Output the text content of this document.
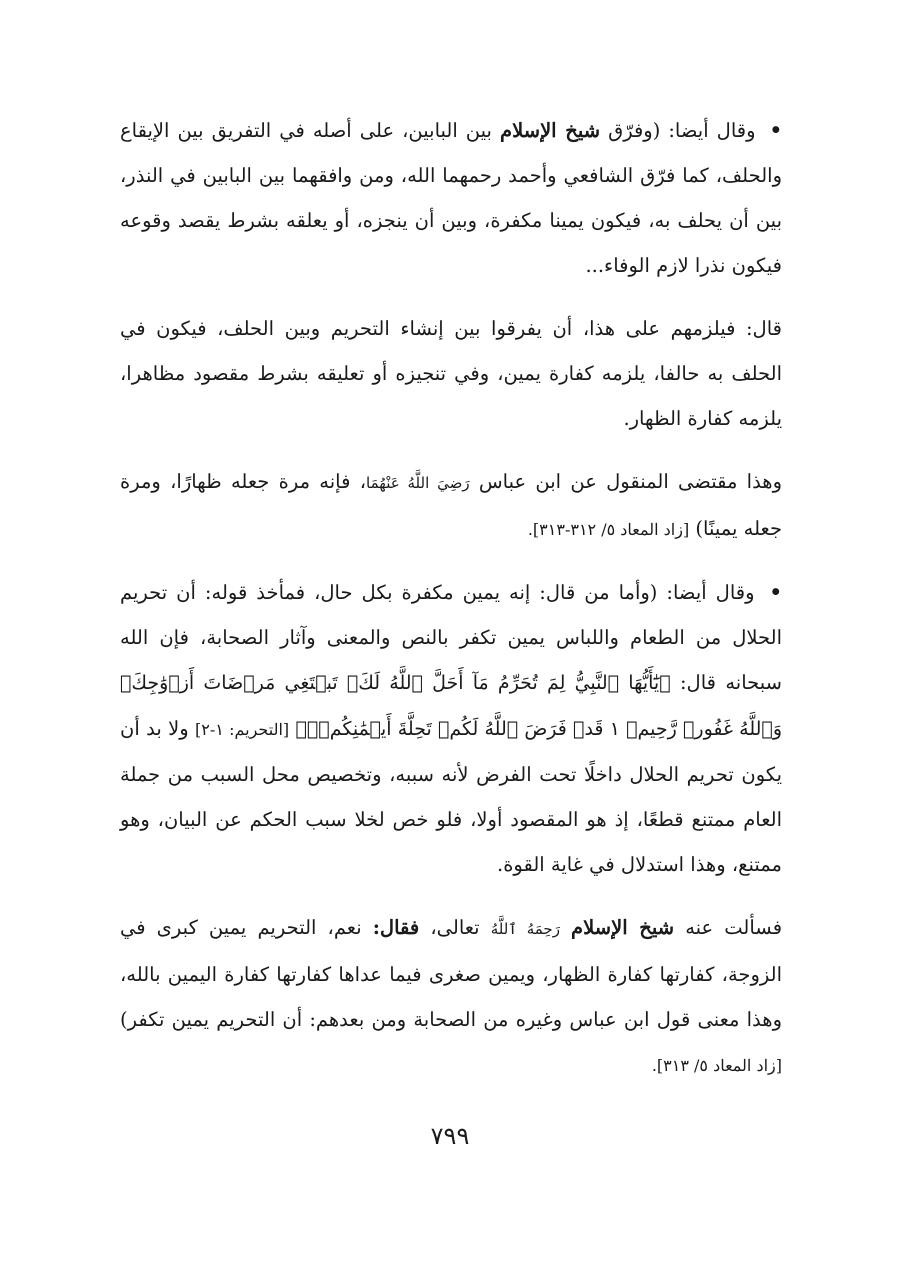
• وقال أيضا: (وفرّق شيخ الإسلام بين البابين، على أصله في التفريق بين الإيقاع والحلف، كما فرّق الشافعي وأحمد رحمهما الله، ومن وافقهما بين البابين في النذر، بين أن يحلف به، فيكون يمينا مكفرة، وبين أن ينجزه، أو يعلقه بشرط يقصد وقوعه فيكون نذرا لازم الوفاء...

قال: فيلزمهم على هذا، أن يفرقوا بين إنشاء التحريم وبين الحلف، فيكون في الحلف به حالفا، يلزمه كفارة يمين، وفي تنجيزه أو تعليقه بشرط مقصود مظاهرا، يلزمه كفارة الظهار.

وهذا مقتضى المنقول عن ابن عباس رَضِيَ اللَّهُ عَنْهُمَا، فإنه مرة جعله ظهارًا، ومرة جعله يمينًا) [زاد المعاد ٥/ ٣١٢-٣١٣].

• وقال أيضا: (وأما من قال: إنه يمين مكفرة بكل حال، فمأخذ قوله: أن تحريم الحلال من الطعام واللباس يمين تكفر بالنص والمعنى وآثار الصحابة، فإن الله سبحانه قال: ﴿يَٰٓأَيُّهَا ٱلنَّبِيُّ لِمَ تُحَرِّمُ مَآ أَحَلَّ ٱللَّهُ لَكَۖ تَبۡتَغِي مَرۡضَاتَ أَزۡوَٰجِكَۚ وَٱللَّهُ غَفُورٞ رَّحِيمٞ ١ قَدۡ فَرَضَ ٱللَّهُ لَكُمۡ تَحِلَّةَ أَيۡمَٰنِكُمۡۚ﴾ [التحريم: ١-٢] ولا بد أن يكون تحريم الحلال داخلًا تحت الفرض لأنه سببه، وتخصيص محل السبب من جملة العام ممتنع قطعًا، إذ هو المقصود أولا، فلو خص لخلا سبب الحكم عن البيان، وهو ممتنع، وهذا استدلال في غاية القوة.

فسألت عنه شيخ الإسلام رَحِمَهُ ٱللَّهُ تعالى، فقال: نعم، التحريم يمين كبرى في الزوجة، كفارتها كفارة الظهار، ويمين صغرى فيما عداها كفارتها كفارة اليمين بالله، وهذا معنى قول ابن عباس وغيره من الصحابة ومن بعدهم: أن التحريم يمين تكفر) [زاد المعاد ٥/ ٣١٣].

٧٩٩
